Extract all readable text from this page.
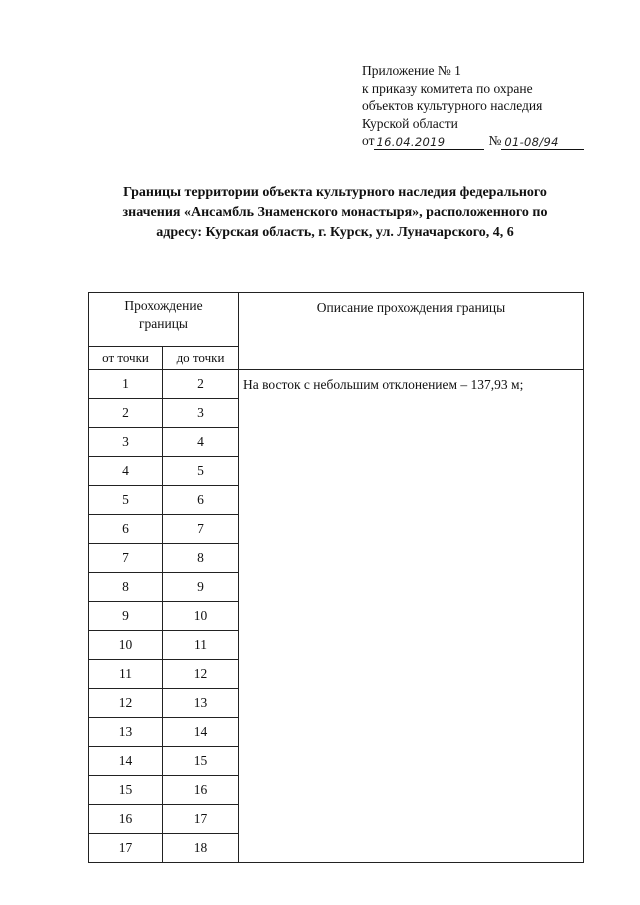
Приложение № 1
к приказу комитета по охране
объектов культурного наследия
Курской области
от 16.04.2019	№ 01-08/94
Границы территории объекта культурного наследия федерального
значения «Ансамбль Знаменского монастыря», расположенного по
адресу: Курская область, г. Курск, ул. Луначарского, 4, 6
Прохождение
границы		Описание прохождения границы
от точки	до точки	
1	2	На восток с небольшим отклонением – 137,93 м;
2	3	
3	4	
4	5	
5	6	
6	7	
7	8	
8	9	
9	10	
10	11	
11	12	
12	13	
13	14	
14	15	
15	16	
16	17	
17	18	
